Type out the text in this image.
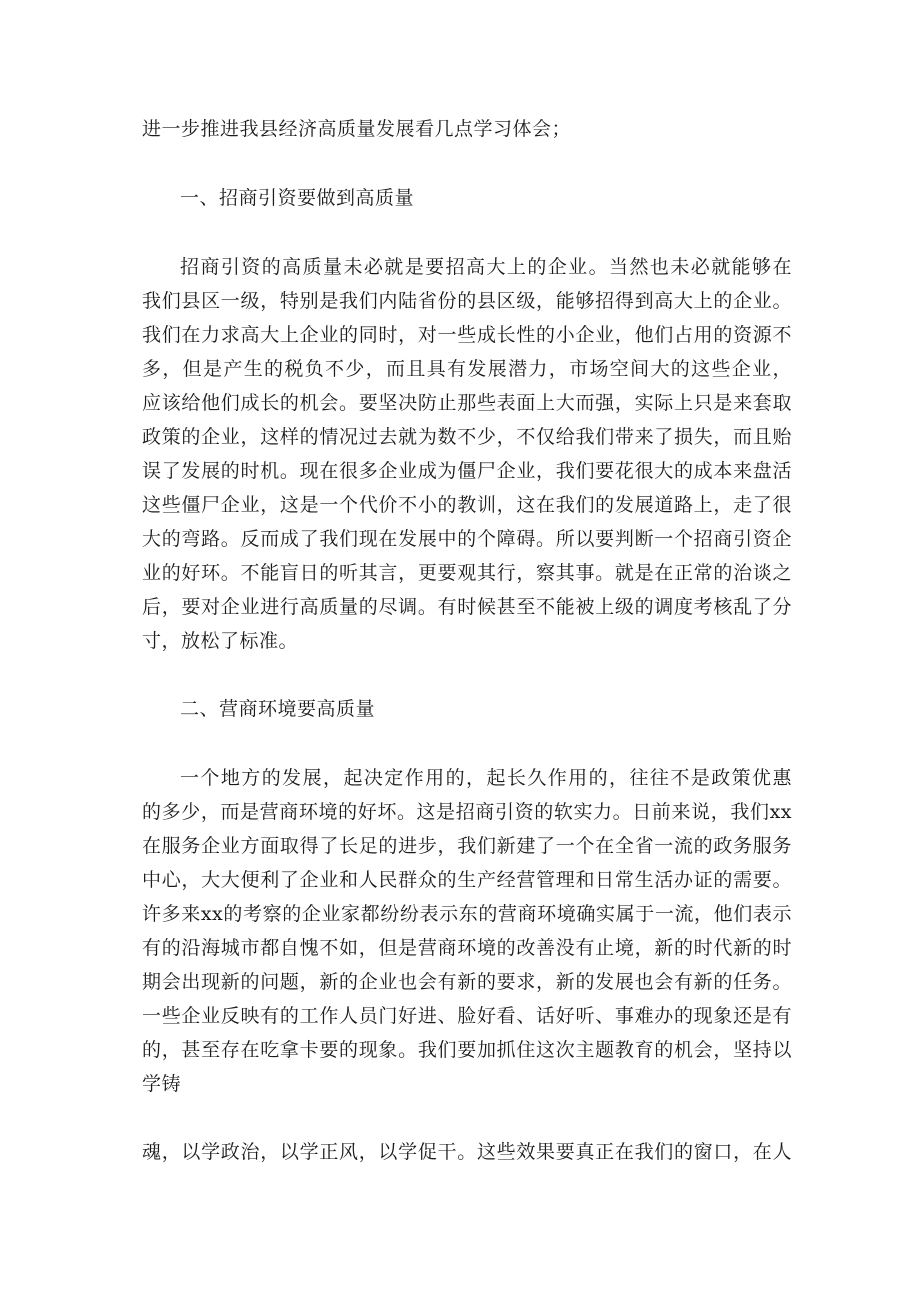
进一步推进我县经济高质量发展看几点学习体会；
一、招商引资要做到高质量
招商引资的高质量未必就是要招高大上的企业。当然也未必就能够在
我们县区一级，特别是我们内陆省份的县区级，能够招得到高大上的企业。
我们在力求高大上企业的同时，对一些成长性的小企业，他们占用的资源不
多，但是产生的税负不少，而且具有发展潜力，市场空间大的这些企业，
应该给他们成长的机会。要坚决防止那些表面上大而强，实际上只是来套取
政策的企业，这样的情况过去就为数不少，不仅给我们带来了损失，而且贻
误了发展的时机。现在很多企业成为僵尸企业，我们要花很大的成本来盘活
这些僵尸企业，这是一个代价不小的教训，这在我们的发展道路上，走了很
大的弯路。反而成了我们现在发展中的个障碍。所以要判断一个招商引资企
业的好环。不能盲日的听其言，更要观其行，察其事。就是在正常的治谈之
后，要对企业进行高质量的尽调。有时候甚至不能被上级的调度考核乱了分
寸，放松了标准。
二、营商环境要高质量
一个地方的发展，起决定作用的，起长久作用的，往往不是政策优惠
的多少，而是营商环境的好坏。这是招商引资的软实力。日前来说，我们xx
在服务企业方面取得了长足的进步，我们新建了一个在全省一流的政务服务
中心，大大便利了企业和人民群众的生产经营管理和日常生活办证的需要。
许多来xx的考察的企业家都纷纷表示东的营商环境确实属于一流，他们表示
有的沿海城市都自愧不如，但是营商环境的改善没有止境，新的时代新的时
期会出现新的问题，新的企业也会有新的要求，新的发展也会有新的任务。
一些企业反映有的工作人员门好进、脸好看、话好听、事难办的现象还是有
的，甚至存在吃拿卡要的现象。我们要加抓住这次主题教育的机会，坚持以
学铸
魂，以学政治，以学正风，以学促干。这些效果要真正在我们的窗口，在人
